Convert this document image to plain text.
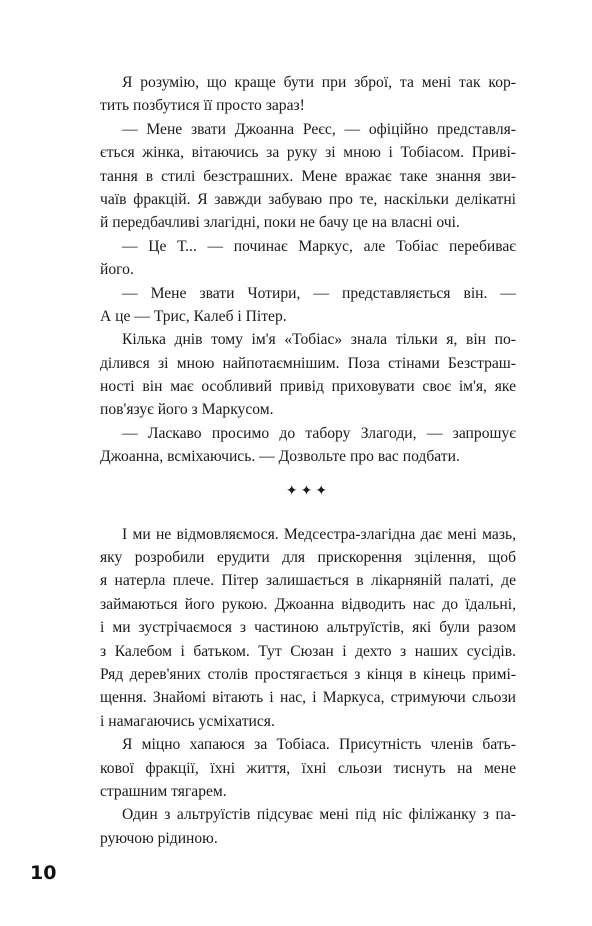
Я розумію, що краще бути при зброї, та мені так кор-
тить позбутися її просто зараз!
— Мене звати Джоанна Реєс, — офіційно представля-
ється жінка, вітаючись за руку зі мною і Тобіасом. Приві-
тання в стилі безстрашних. Мене вражає таке знання зви-
чаїв фракцій. Я завжди забуваю про те, наскільки делікатні
й передбачливі злагідні, поки не бачу це на власні очі.
— Це Т... — починає Маркус, але Тобіас перебиває
його.
— Мене звати Чотири, — представляється він. —
А це — Трис, Калеб і Пітер.
Кілька днів тому ім'я «Тобіас» знала тільки я, він по-
ділився зі мною найпотаємнішим. Поза стінами Безстраш-
ності він має особливий привід приховувати своє ім'я, яке
пов'язує його з Маркусом.
— Ласкаво просимо до табору Злагоди, — запрошує
Джоанна, всміхаючись. — Дозвольте про вас подбати.
✦✦✦
І ми не відмовляємося. Медсестра-злагідна дає мені мазь,
яку розробили ерудити для прискорення зцілення, щоб
я натерла плече. Пітер залишається в лікарняній палаті, де
займаються його рукою. Джоанна відводить нас до їдальні,
і ми зустрічаємося з частиною альтруїстів, які були разом
з Калебом і батьком. Тут Сюзан і дехто з наших сусідів.
Ряд дерев'яних столів простягається з кінця в кінець примі-
щення. Знайомі вітають і нас, і Маркуса, стримуючи сльози
і намагаючись усміхатися.
Я міцно хапаюся за Тобіаса. Присутність членів бать-
кової фракції, їхні життя, їхні сльози тиснуть на мене
страшним тягарем.
Один з альтруїстів підсуває мені під ніс філіжанку з па-
руючою рідиною.
10
